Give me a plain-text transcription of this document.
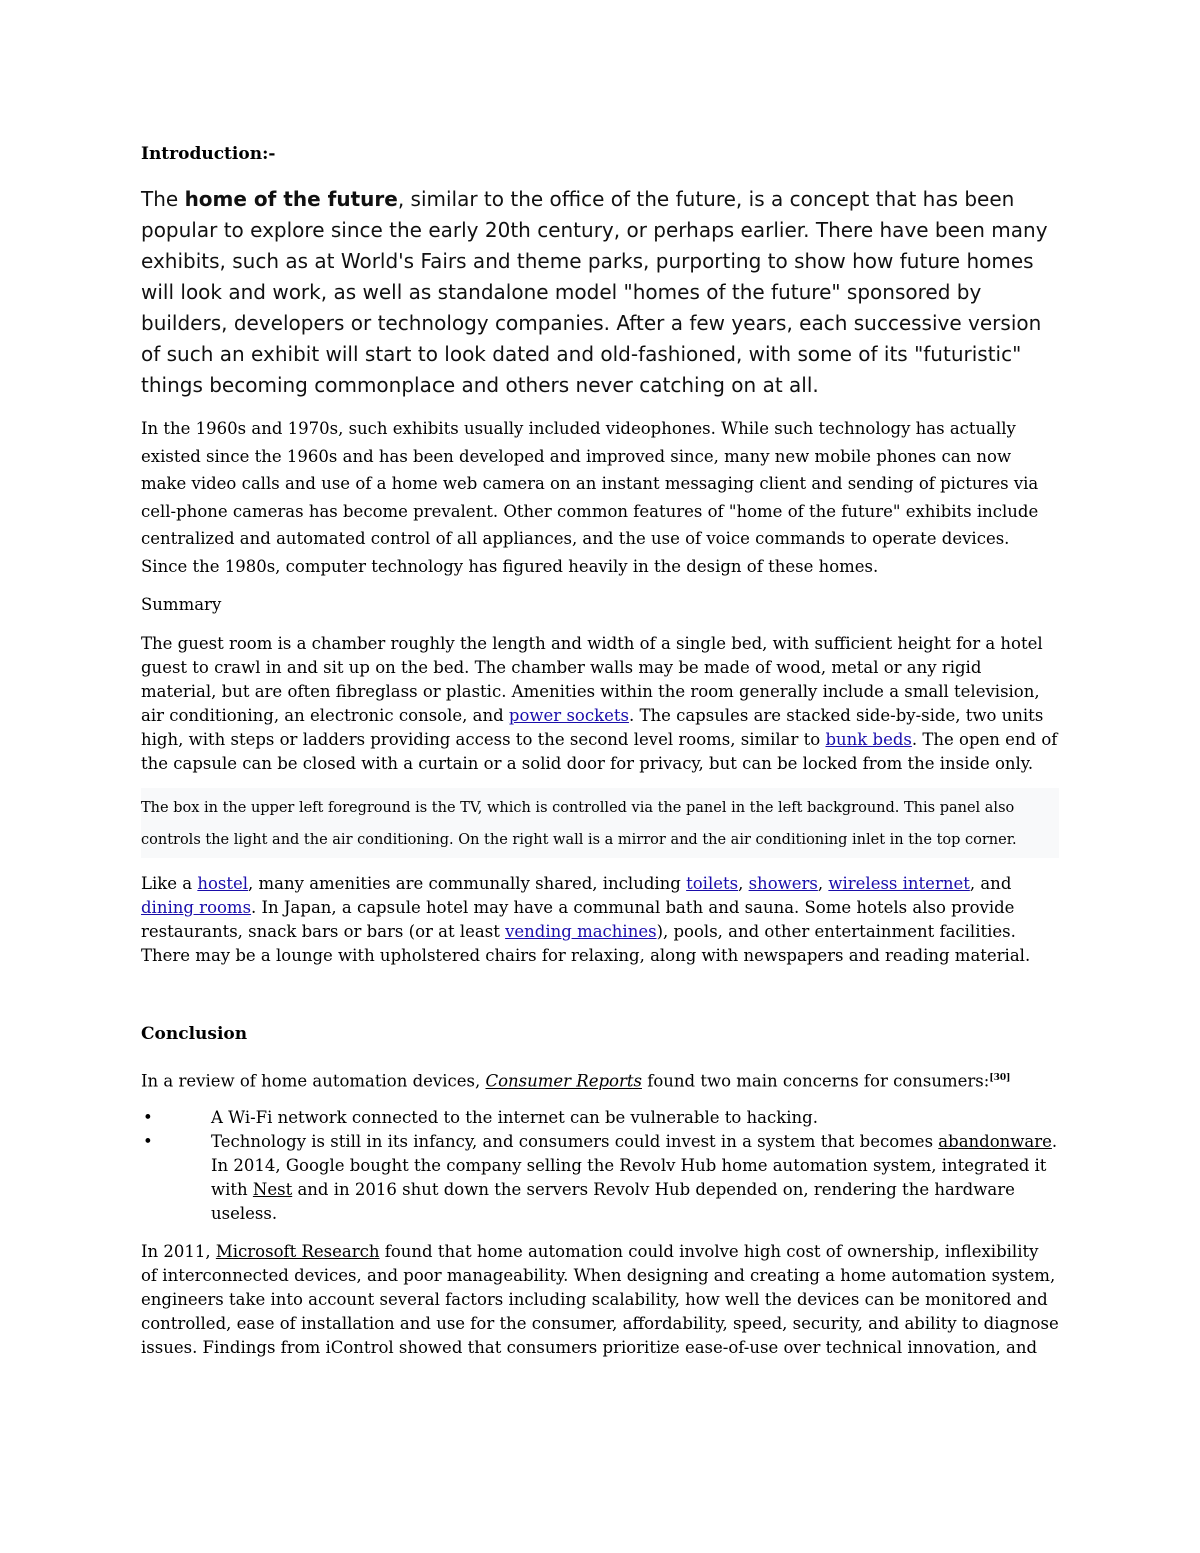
Introduction:-

The home of the future, similar to the office of the future, is a concept that has been popular to explore since the early 20th century, or perhaps earlier. There have been many exhibits, such as at World's Fairs and theme parks, purporting to show how future homes will look and work, as well as standalone model "homes of the future" sponsored by builders, developers or technology companies. After a few years, each successive version of such an exhibit will start to look dated and old-fashioned, with some of its "futuristic" things becoming commonplace and others never catching on at all.

In the 1960s and 1970s, such exhibits usually included videophones. While such technology has actually existed since the 1960s and has been developed and improved since, many new mobile phones can now make video calls and use of a home web camera on an instant messaging client and sending of pictures via cell-phone cameras has become prevalent. Other common features of "home of the future" exhibits include centralized and automated control of all appliances, and the use of voice commands to operate devices. Since the 1980s, computer technology has figured heavily in the design of these homes.

Summary

The guest room is a chamber roughly the length and width of a single bed, with sufficient height for a hotel guest to crawl in and sit up on the bed. The chamber walls may be made of wood, metal or any rigid material, but are often fibreglass or plastic. Amenities within the room generally include a small television, air conditioning, an electronic console, and power sockets. The capsules are stacked side-by-side, two units high, with steps or ladders providing access to the second level rooms, similar to bunk beds. The open end of the capsule can be closed with a curtain or a solid door for privacy, but can be locked from the inside only.

The box in the upper left foreground is the TV, which is controlled via the panel in the left background. This panel also controls the light and the air conditioning. On the right wall is a mirror and the air conditioning inlet in the top corner.

Like a hostel, many amenities are communally shared, including toilets, showers, wireless internet, and dining rooms. In Japan, a capsule hotel may have a communal bath and sauna. Some hotels also provide restaurants, snack bars or bars (or at least vending machines), pools, and other entertainment facilities. There may be a lounge with upholstered chairs for relaxing, along with newspapers and reading material.

Conclusion

In a review of home automation devices, Consumer Reports found two main concerns for consumers:[30]

•	A Wi-Fi network connected to the internet can be vulnerable to hacking.
•	Technology is still in its infancy, and consumers could invest in a system that becomes abandonware. In 2014, Google bought the company selling the Revolv Hub home automation system, integrated it with Nest and in 2016 shut down the servers Revolv Hub depended on, rendering the hardware useless.

In 2011, Microsoft Research found that home automation could involve high cost of ownership, inflexibility of interconnected devices, and poor manageability. When designing and creating a home automation system, engineers take into account several factors including scalability, how well the devices can be monitored and controlled, ease of installation and use for the consumer, affordability, speed, security, and ability to diagnose issues. Findings from iControl showed that consumers prioritize ease-of-use over technical innovation, and
